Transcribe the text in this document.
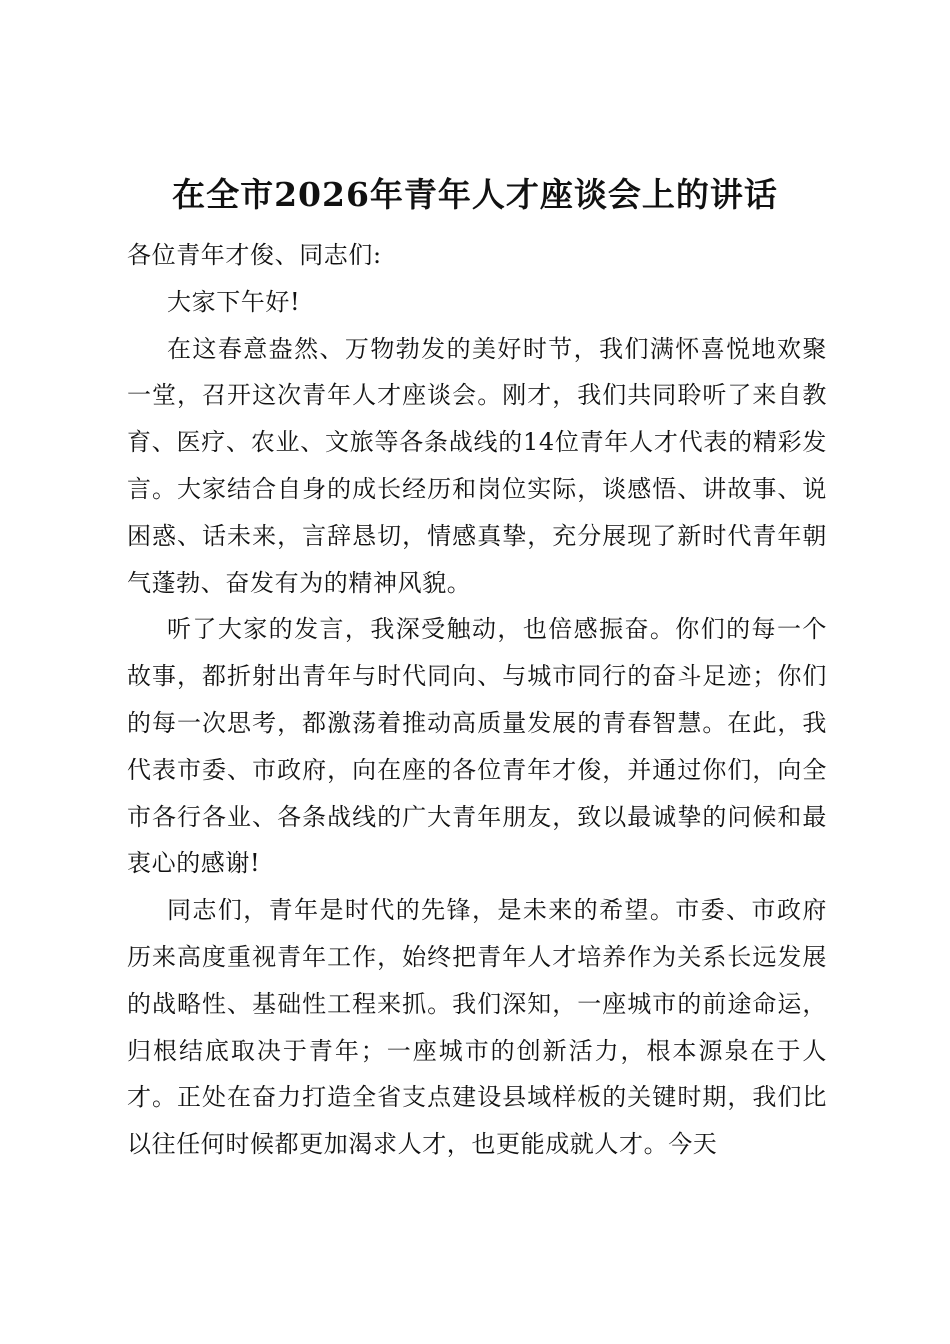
在全市2026年青年人才座谈会上的讲话

各位青年才俊、同志们:

大家下午好!

在这春意盎然、万物勃发的美好时节，我们满怀喜悦地欢聚一堂，召开这次青年人才座谈会。刚才，我们共同聆听了来自教育、医疗、农业、文旅等各条战线的14位青年人才代表的精彩发言。大家结合自身的成长经历和岗位实际，谈感悟、讲故事、说困惑、话未来，言辞恳切，情感真挚，充分展现了新时代青年朝气蓬勃、奋发有为的精神风貌。

听了大家的发言，我深受触动，也倍感振奋。你们的每一个故事，都折射出青年与时代同向、与城市同行的奋斗足迹；你们的每一次思考，都激荡着推动高质量发展的青春智慧。在此，我代表市委、市政府，向在座的各位青年才俊，并通过你们，向全市各行各业、各条战线的广大青年朋友，致以最诚挚的问候和最衷心的感谢!

同志们，青年是时代的先锋，是未来的希望。市委、市政府历来高度重视青年工作，始终把青年人才培养作为关系长远发展的战略性、基础性工程来抓。我们深知，一座城市的前途命运，归根结底取决于青年；一座城市的创新活力，根本源泉在于人才。正处在奋力打造全省支点建设县域样板的关键时期，我们比以往任何时候都更加渴求人才，也更能成就人才。今天
